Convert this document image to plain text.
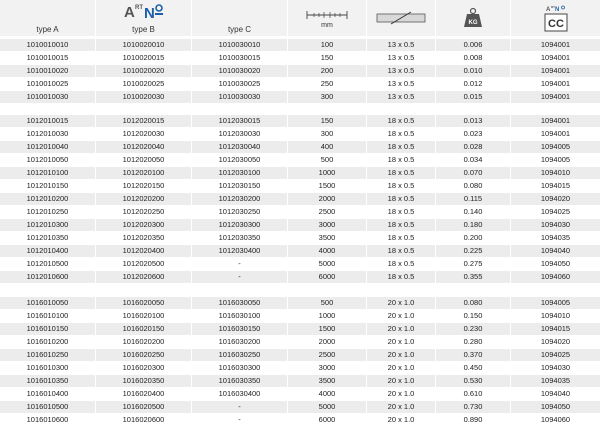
A RT N
type A	type B	type C	mm	KG
A RT N
CC
1010010010	1010020010	1010030010	100	13 x 0.5	0.006	1094001
1010010015	1010020015	1010030015	150	13 x 0.5	0.008	1094001
1010010020	1010020020	1010030020	200	13 x 0.5	0.010	1094001
1010010025	1010020025	1010030025	250	13 x 0.5	0.012	1094001
1010010030	1010020030	1010030030	300	13 x 0.5	0.015	1094001
1012010015	1012020015	1012030015	150	18 x 0.5	0.013	1094001
1012010030	1012020030	1012030030	300	18 x 0.5	0.023	1094001
1012010040	1012020040	1012030040	400	18 x 0.5	0.028	1094005
1012010050	1012020050	1012030050	500	18 x 0.5	0.034	1094005
1012010100	1012020100	1012030100	1000	18 x 0.5	0.070	1094010
1012010150	1012020150	1012030150	1500	18 x 0.5	0.080	1094015
1012010200	1012020200	1012030200	2000	18 x 0.5	0.115	1094020
1012010250	1012020250	1012030250	2500	18 x 0.5	0.140	1094025
1012010300	1012020300	1012030300	3000	18 x 0.5	0.180	1094030
1012010350	1012020350	1012030350	3500	18 x 0.5	0.200	1094035
1012010400	1012020400	1012030400	4000	18 x 0.5	0.225	1094040
1012010500	1012020500	-	5000	18 x 0.5	0.275	1094050
1012010600	1012020600	-	6000	18 x 0.5	0.355	1094060
1016010050	1016020050	1016030050	500	20 x 1.0	0.080	1094005
1016010100	1016020100	1016030100	1000	20 x 1.0	0.150	1094010
1016010150	1016020150	1016030150	1500	20 x 1.0	0.230	1094015
1016010200	1016020200	1016030200	2000	20 x 1.0	0.280	1094020
1016010250	1016020250	1016030250	2500	20 x 1.0	0.370	1094025
1016010300	1016020300	1016030300	3000	20 x 1.0	0.450	1094030
1016010350	1016020350	1016030350	3500	20 x 1.0	0.530	1094035
1016010400	1016020400	1016030400	4000	20 x 1.0	0.610	1094040
1016010500	1016020500	-	5000	20 x 1.0	0.730	1094050
1016010600	1016020600	-	6000	20 x 1.0	0.890	1094060
